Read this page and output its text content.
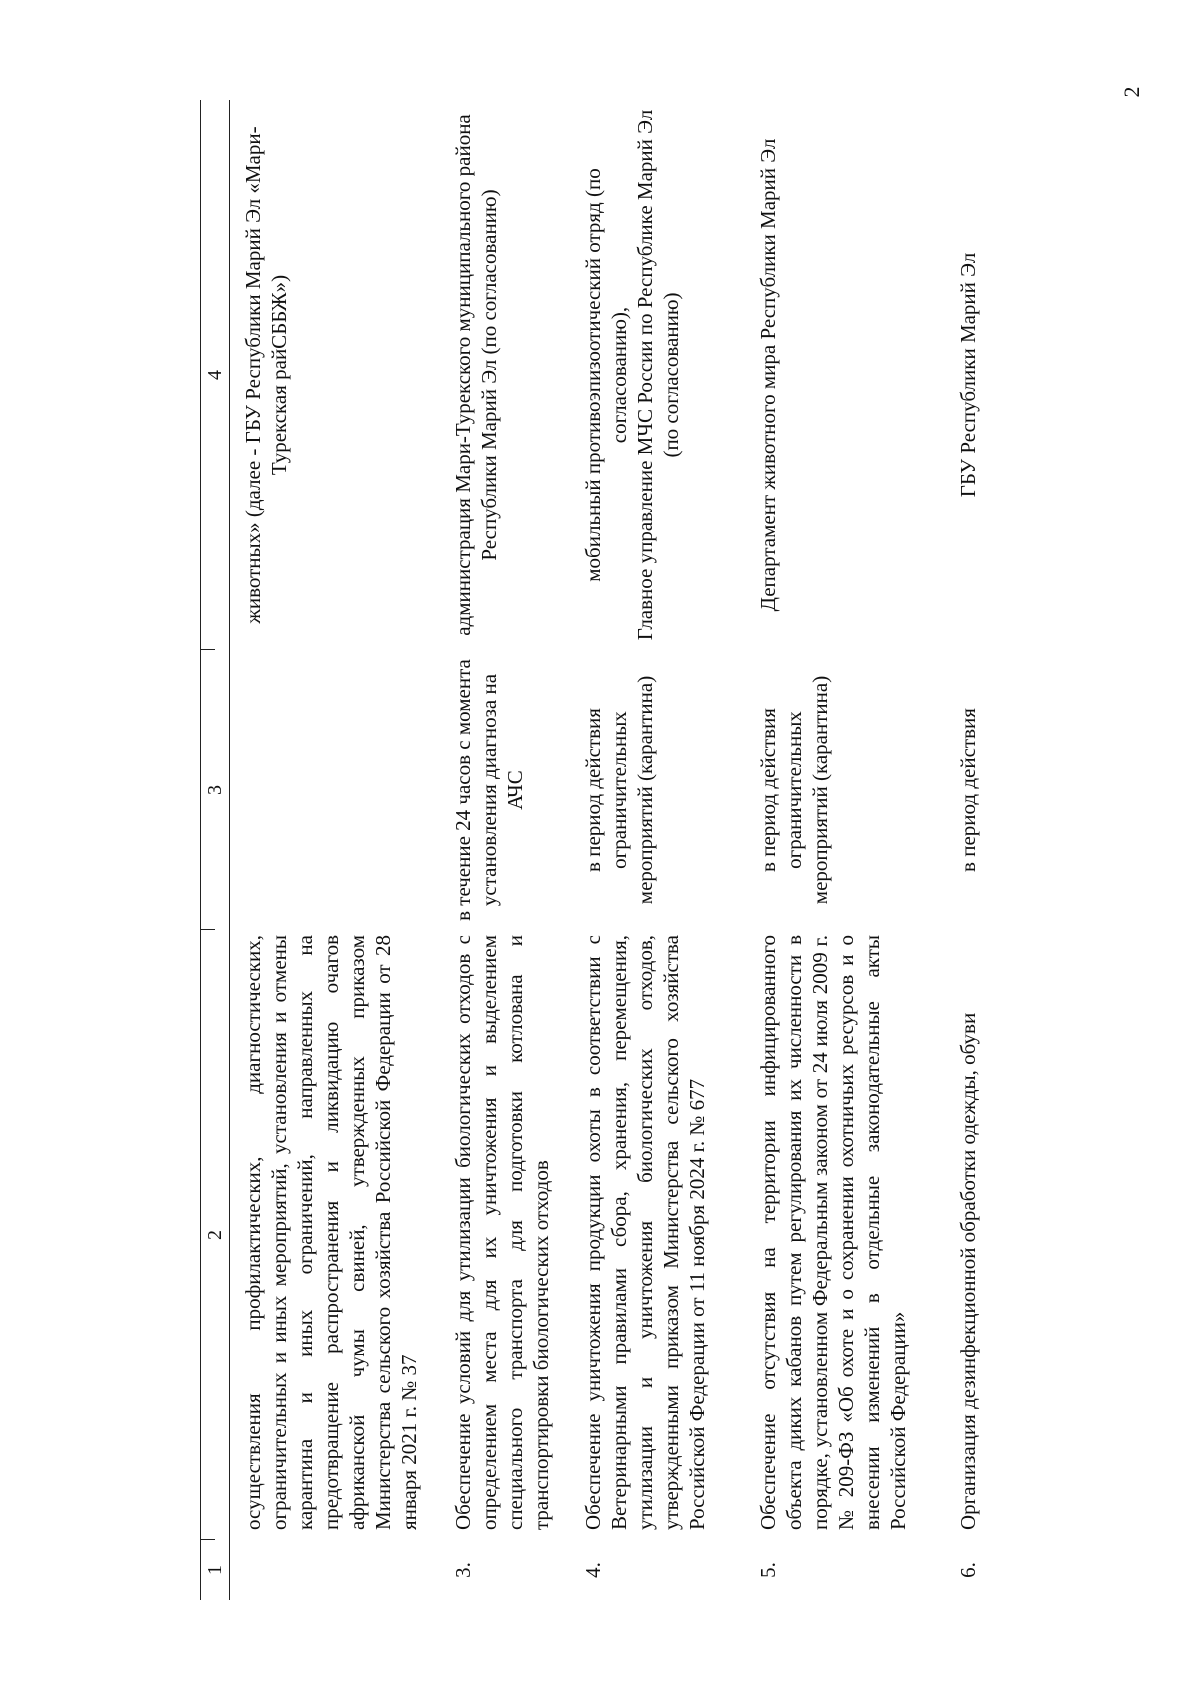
2
1
2
3
4
осуществления профилактических, диагностических, ограничительных и иных мероприятий, установления и отмены карантина и иных ограничений, направленных на предотвращение распространения и ликвидацию очагов африканской чумы свиней, утвержденных приказом Министерства сельского хозяйства Российской Федерации от 28 января 2021 г. № 37

животных» (далее - ГБУ Республики Марий Эл «Мари-Турекская райСББЖ»)

3.
Обеспечение условий для утилизации биологических отходов с определением места для их уничтожения и выделением специального транспорта для подготовки котлована и транспортировки биологических отходов
в течение 24 часов с момента установления диагноза на АЧС

администрация Мари-Турекского муниципального района Республики Марий Эл (по согласованию)

4.
Обеспечение уничтожения продукции охоты в соответствии с Ветеринарными правилами сбора, хранения, перемещения, утилизации и уничтожения биологических отходов, утвержденными приказом Министерства сельского хозяйства Российской Федерации от 11 ноября 2024 г. № 677
в период действия ограничительных мероприятий (карантина)

мобильный противоэпизоотический отряд (по согласованию), Главное управление МЧС России по Республике Марий Эл (по согласованию)

5.
Обеспечение отсутствия на территории инфицированного объекта диких кабанов путем регулирования их численности в порядке, установленном Федеральным законом от 24 июля 2009 г. № 209-ФЗ «Об охоте и о сохранении охотничьих ресурсов и о внесении изменений в отдельные законодательные акты Российской Федерации»
в период действия ограничительных мероприятий (карантина)

Департамент животного мира Республики Марий Эл

6.
Организация дезинфекционной обработки одежды, обуви
в период действия

ГБУ Республики Марий Эл
